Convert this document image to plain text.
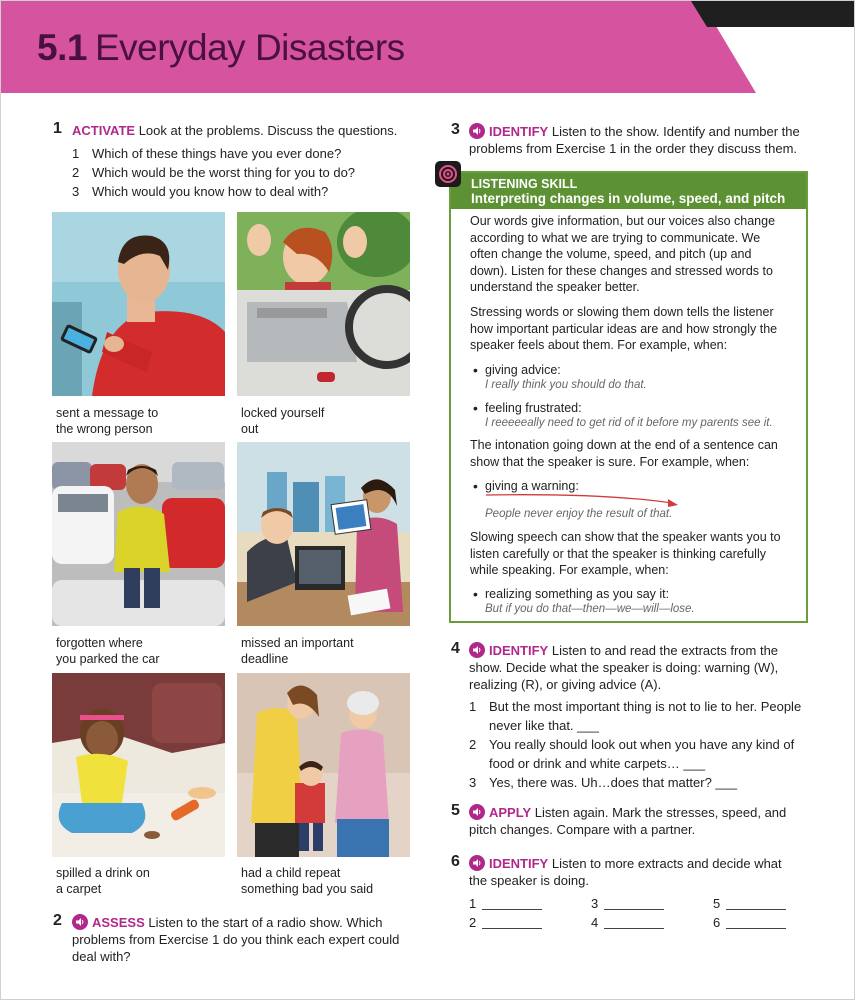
5.1 Everyday Disasters
1 ACTIVATE Look at the problems. Discuss the questions.
1 Which of these things have you ever done?
2 Which would be the worst thing for you to do?
3 Which would you know how to deal with?
sent a message to
the wrong person
locked yourself
out
forgotten where
you parked the car
missed an important
deadline
spilled a drink on
a carpet
had a child repeat
something bad you said
2	ASSESS Listen to the start of a radio show. Which
problems from Exercise 1 do you think each expert could
deal with?
3	IDENTIFY Listen to the show. Identify and number the
problems from Exercise 1 in the order they discuss them.
LISTENING SKILL
Interpreting changes in volume, speed, and pitch
Our words give information, but our voices also change
according to what we are trying to communicate. We
often change the volume, speed, and pitch (up and
down). Listen for these changes and stressed words to
understand the speaker better.
Stressing words or slowing them down tells the listener
how important particular ideas are and how strongly the
speaker feels about them. For example, when:
• giving advice:
I really think you should do that.
• feeling frustrated:
I reeeeeally need to get rid of it before my parents see it.
The intonation going down at the end of a sentence can
show that the speaker is sure. For example, when:
• giving a warning:
People never enjoy the result of that.
Slowing speech can show that the speaker wants you to
listen carefully or that the speaker is thinking carefully
while speaking. For example, when:
• realizing something as you say it:
But if you do that—then—we—will—lose.
4	IDENTIFY Listen to and read the extracts from the
show. Decide what the speaker is doing: warning (W),
realizing (R), or giving advice (A).
1 But the most important thing is not to lie to her. People
never like that. ___
2 You really should look out when you have any kind of
food or drink and white carpets… ___
3 Yes, there was. Uh…does that matter? ___
5	APPLY Listen again. Mark the stresses, speed, and
pitch changes. Compare with a partner.
6	IDENTIFY Listen to more extracts and decide what
the speaker is doing.
1	3	5
2	4	6
